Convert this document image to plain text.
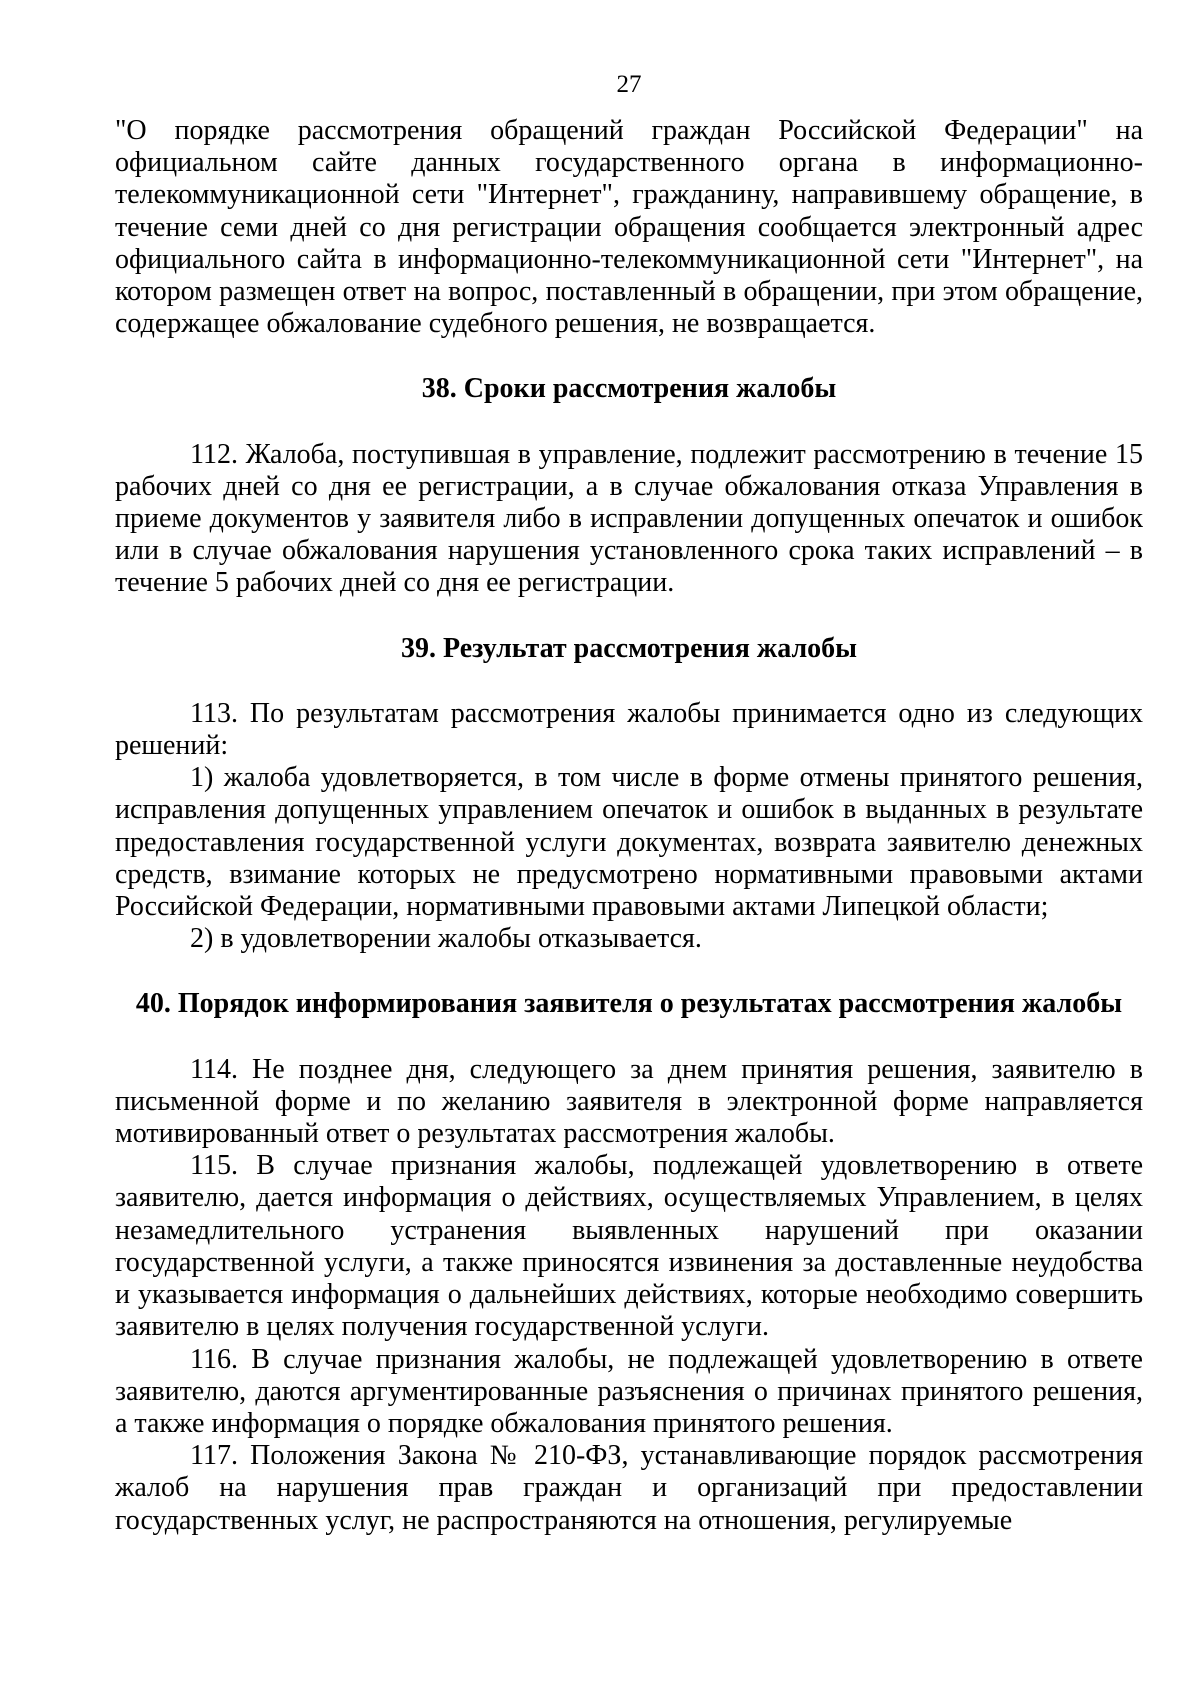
27

"О порядке рассмотрения обращений граждан Российской Федерации" на официальном сайте данных государственного органа в информационно-телекоммуникационной сети "Интернет", гражданину, направившему обращение, в течение семи дней со дня регистрации обращения сообщается электронный адрес официального сайта в информационно-телекоммуникационной сети "Интернет", на котором размещен ответ на вопрос, поставленный в обращении, при этом обращение, содержащее обжалование судебного решения, не возвращается.

38. Сроки рассмотрения жалобы

112. Жалоба, поступившая в управление, подлежит рассмотрению в течение 15 рабочих дней со дня ее регистрации, а в случае обжалования отказа Управления в приеме документов у заявителя либо в исправлении допущенных опечаток и ошибок или в случае обжалования нарушения установленного срока таких исправлений – в течение 5 рабочих дней со дня ее регистрации.

39. Результат рассмотрения жалобы

113. По результатам рассмотрения жалобы принимается одно из следующих решений:

1) жалоба удовлетворяется, в том числе в форме отмены принятого решения, исправления допущенных управлением опечаток и ошибок в выданных в результате предоставления государственной услуги документах, возврата заявителю денежных средств, взимание которых не предусмотрено нормативными правовыми актами Российской Федерации, нормативными правовыми актами Липецкой области;

2) в удовлетворении жалобы отказывается.

40. Порядок информирования заявителя о результатах рассмотрения жалобы

114. Не позднее дня, следующего за днем принятия решения, заявителю в письменной форме и по желанию заявителя в электронной форме направляется мотивированный ответ о результатах рассмотрения жалобы.

115. В случае признания жалобы, подлежащей удовлетворению в ответе заявителю, дается информация о действиях, осуществляемых Управлением, в целях незамедлительного устранения выявленных нарушений при оказании государственной услуги, а также приносятся извинения за доставленные неудобства и указывается информация о дальнейших действиях, которые необходимо совершить заявителю в целях получения государственной услуги.

116. В случае признания жалобы, не подлежащей удовлетворению в ответе заявителю, даются аргументированные разъяснения о причинах принятого решения, а также информация о порядке обжалования принятого решения.

117. Положения Закона № 210-ФЗ, устанавливающие порядок рассмотрения жалоб на нарушения прав граждан и организаций при предоставлении государственных услуг, не распространяются на отношения, регулируемые
